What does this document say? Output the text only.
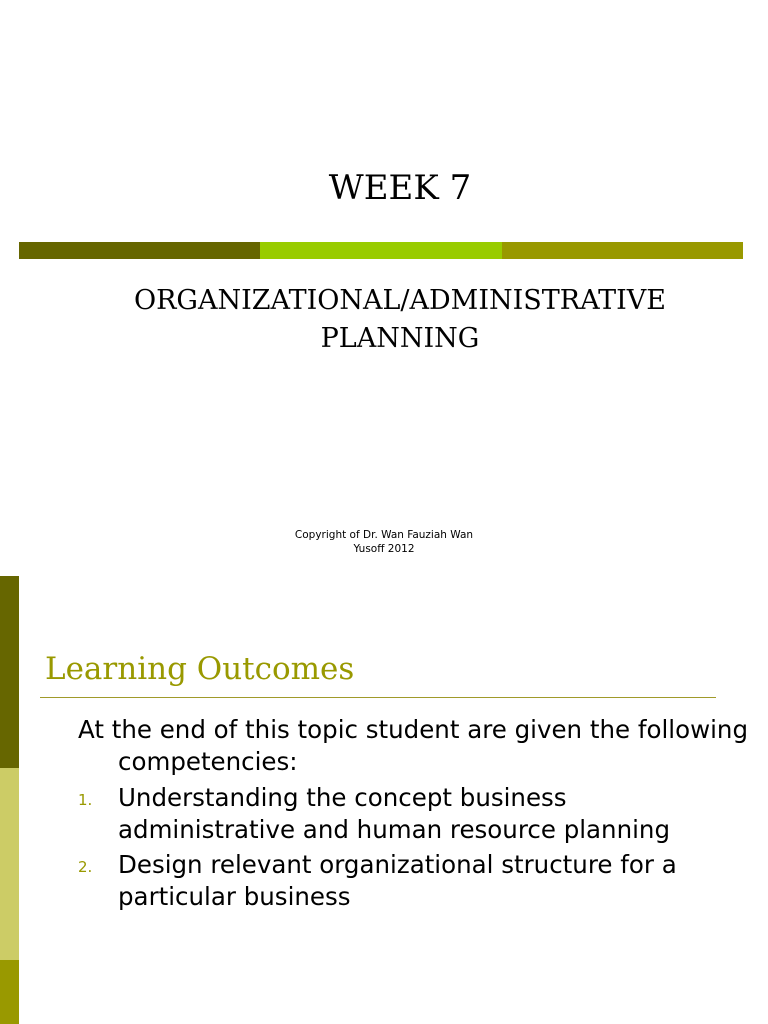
WEEK 7
ORGANIZATIONAL/ADMINISTRATIVE
PLANNING
Copyright of Dr. Wan Fauziah Wan
Yusoff 2012
Learning Outcomes
At the end of this topic student are given the following competencies:
1. Understanding the concept business administrative and human resource planning
2. Design relevant organizational structure for a particular business
